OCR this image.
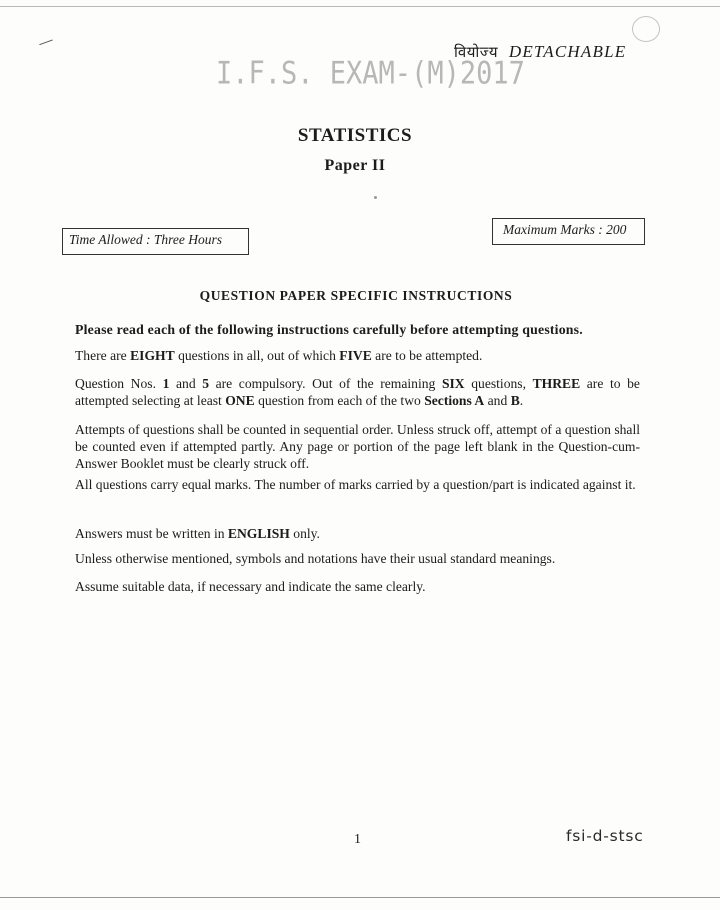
वियोज्य DETACHABLE
I.F.S. EXAM-(M)2017
STATISTICS
Paper II
Time Allowed : Three Hours
Maximum Marks : 200
QUESTION PAPER SPECIFIC INSTRUCTIONS
Please read each of the following instructions carefully before attempting questions.
There are EIGHT questions in all, out of which FIVE are to be attempted.
Question Nos. 1 and 5 are compulsory. Out of the remaining SIX questions, THREE are to be attempted selecting at least ONE question from each of the two Sections A and B.
Attempts of questions shall be counted in sequential order. Unless struck off, attempt of a question shall be counted even if attempted partly. Any page or portion of the page left blank in the Question-cum-Answer Booklet must be clearly struck off.
All questions carry equal marks. The number of marks carried by a question/part is indicated against it.
Answers must be written in ENGLISH only.
Unless otherwise mentioned, symbols and notations have their usual standard meanings.
Assume suitable data, if necessary and indicate the same clearly.
1	fsi-d-stsc
